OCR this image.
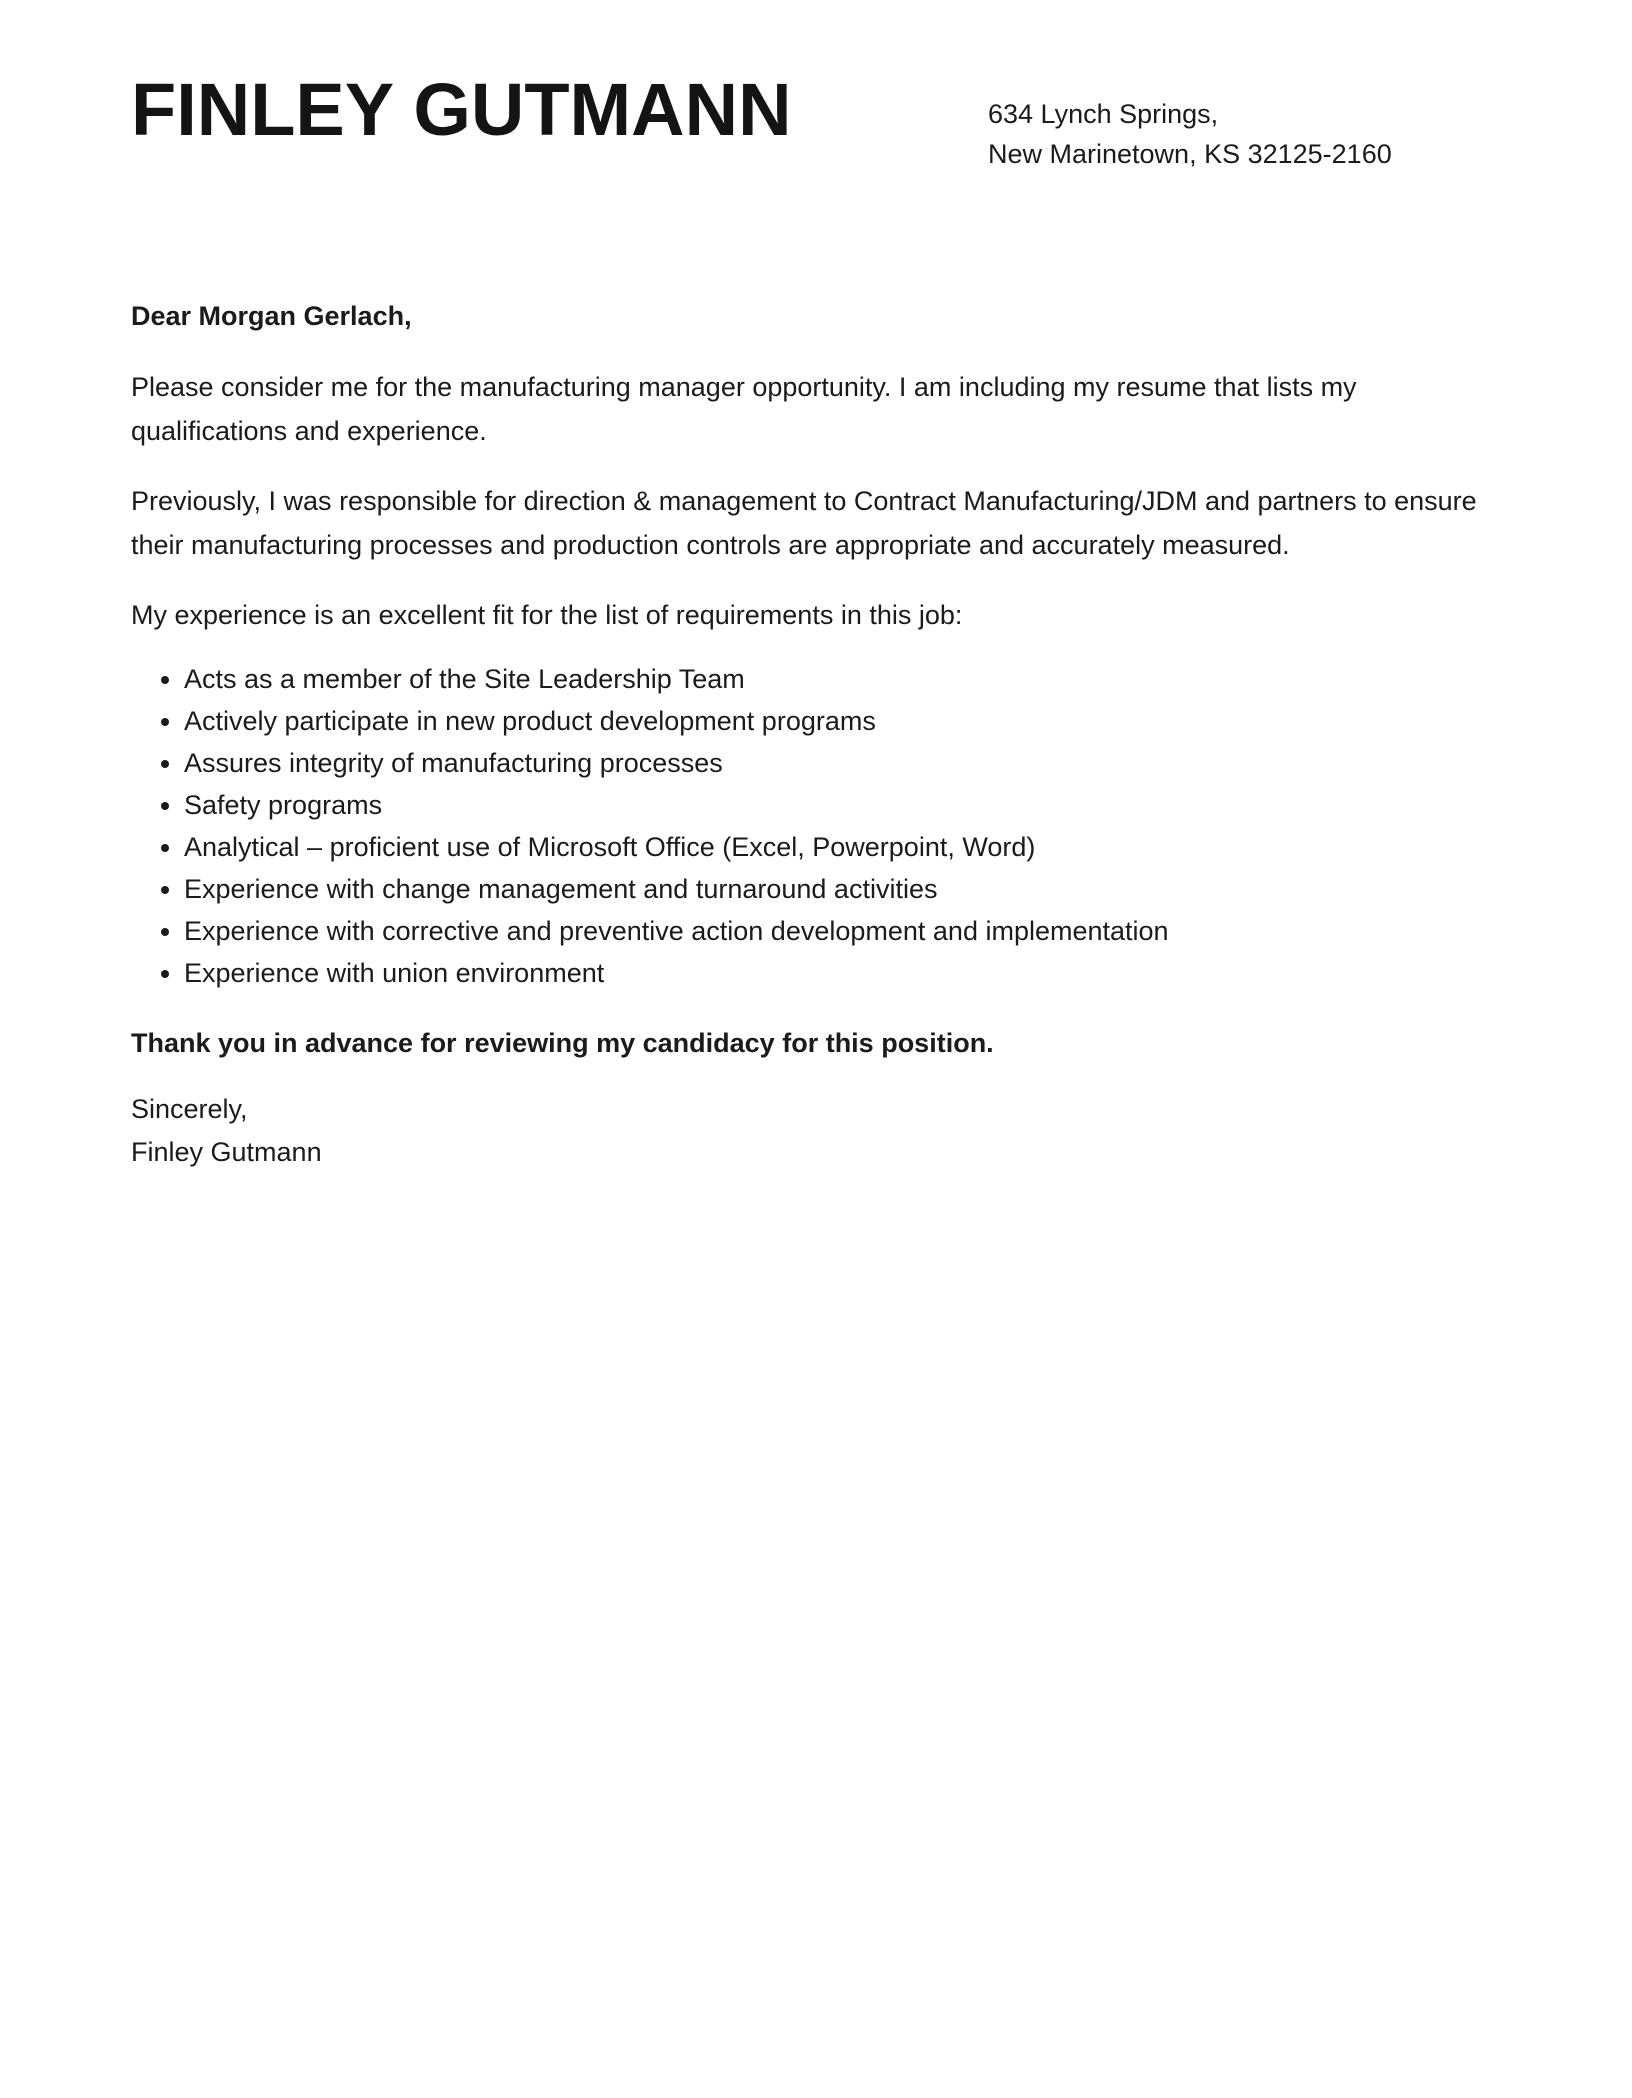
FINLEY GUTMANN	634 Lynch Springs,
New Marinetown, KS 32125-2160

Dear Morgan Gerlach,

Please consider me for the manufacturing manager opportunity. I am including my resume that lists my qualifications and experience.

Previously, I was responsible for direction & management to Contract Manufacturing/JDM and partners to ensure their manufacturing processes and production controls are appropriate and accurately measured.

My experience is an excellent fit for the list of requirements in this job:

• Acts as a member of the Site Leadership Team
• Actively participate in new product development programs
• Assures integrity of manufacturing processes
• Safety programs
• Analytical – proficient use of Microsoft Office (Excel, Powerpoint, Word)
• Experience with change management and turnaround activities
• Experience with corrective and preventive action development and implementation
• Experience with union environment

Thank you in advance for reviewing my candidacy for this position.

Sincerely,

Finley Gutmann
